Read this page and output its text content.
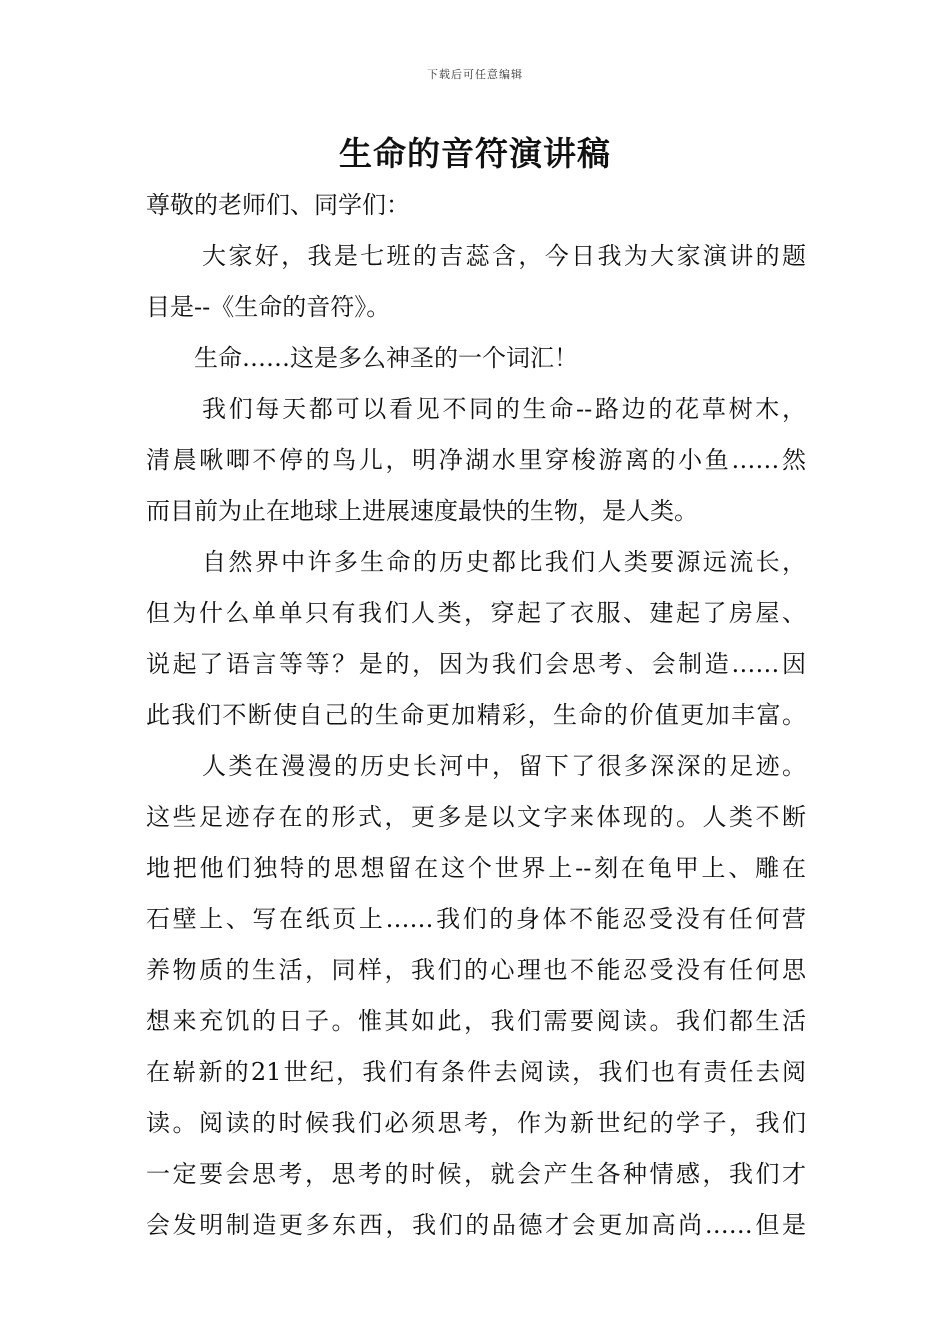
下载后可任意编辑
生命的音符演讲稿
尊敬的老师们、同学们：
大家好，我是七班的吉蕊含，今日我为大家演讲的题
目是--《生命的音符》。
生命……这是多么神圣的一个词汇！
我们每天都可以看见不同的生命--路边的花草树木，
清晨啾唧不停的鸟儿，明净湖水里穿梭游离的小鱼……然
而目前为止在地球上进展速度最快的生物，是人类。
自然界中许多生命的历史都比我们人类要源远流长，
但为什么单单只有我们人类，穿起了衣服、建起了房屋、
说起了语言等等？是的，因为我们会思考、会制造……因
此我们不断使自己的生命更加精彩，生命的价值更加丰富。
人类在漫漫的历史长河中，留下了很多深深的足迹。
这些足迹存在的形式，更多是以文字来体现的。人类不断
地把他们独特的思想留在这个世界上--刻在龟甲上、雕在
石壁上、写在纸页上……我们的身体不能忍受没有任何营
养物质的生活，同样，我们的心理也不能忍受没有任何思
想来充饥的日子。惟其如此，我们需要阅读。我们都生活
在崭新的21世纪，我们有条件去阅读，我们也有责任去阅
读。阅读的时候我们必须思考，作为新世纪的学子，我们
一定要会思考，思考的时候，就会产生各种情感，我们才
会发明制造更多东西，我们的品德才会更加高尚……但是
